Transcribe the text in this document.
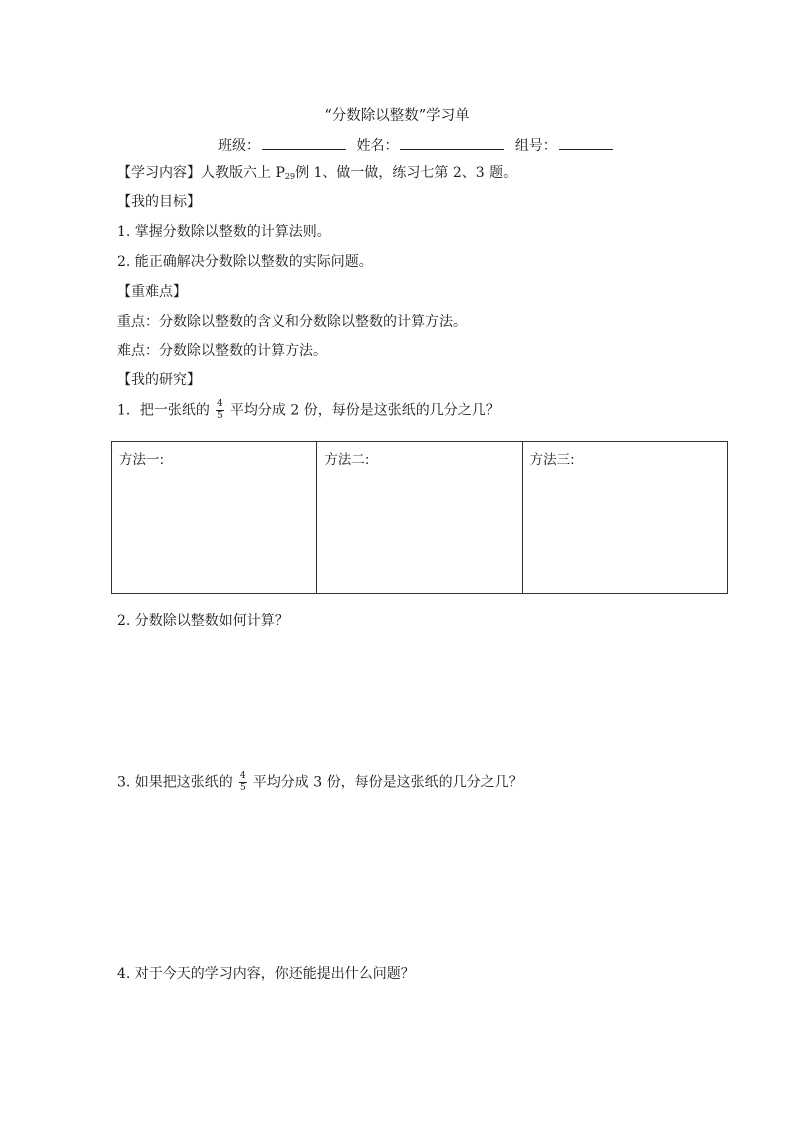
“分数除以整数”学习单
班级：	姓名：	组号：
【学习内容】人教版六上 $P_{29}$例 1、做一做，练习七第 2、3 题。
【我的目标】
1. 掌握分数除以整数的计算法则。
2. 能正确解决分数除以整数的实际问题。
【重难点】
重点：分数除以整数的含义和分数除以整数的计算方法。
难点：分数除以整数的计算方法。
【我的研究】
1．把一张纸的 $\frac{4}{5}$ 平均分成 2 份，每份是这张纸的几分之几？
方法一:	方法二:	方法三:
2. 分数除以整数如何计算？
3. 如果把这张纸的 $\frac{4}{5}$ 平均分成 3 份，每份是这张纸的几分之几？
4. 对于今天的学习内容，你还能提出什么问题？
